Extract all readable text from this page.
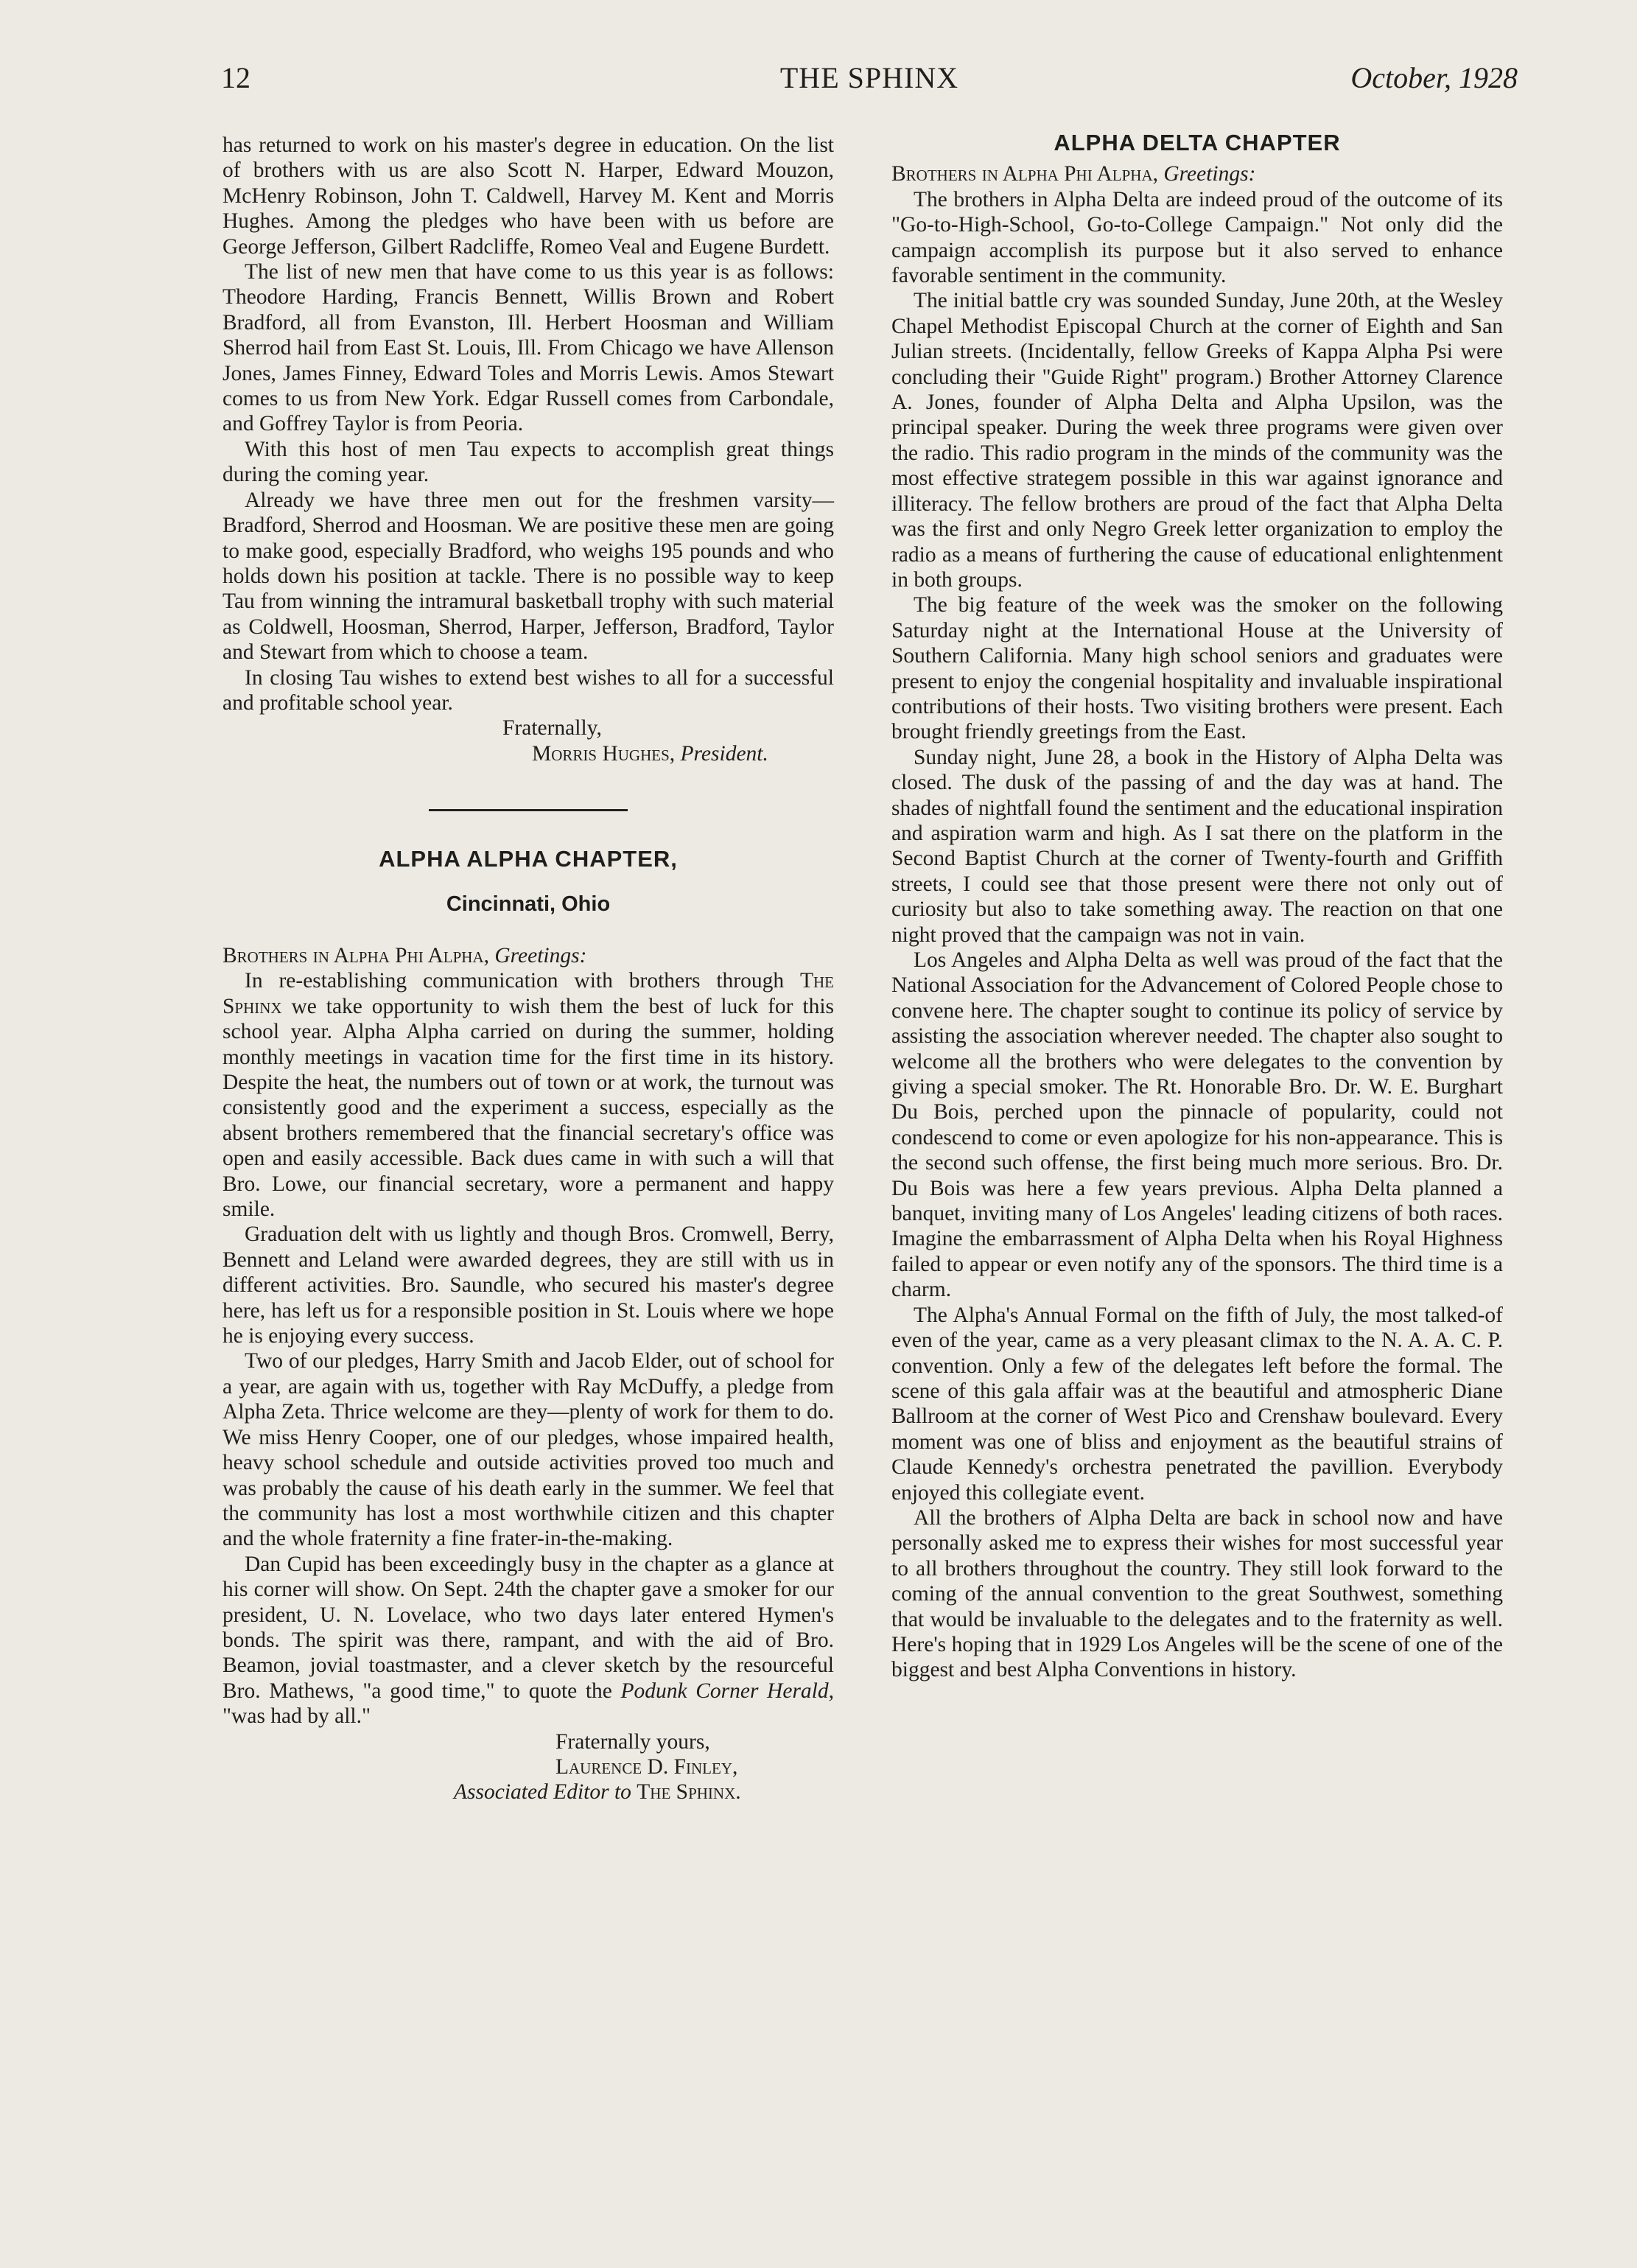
12	THE SPHINX	October, 1928

has returned to work on his master's degree in education. On the list of brothers with us are also Scott N. Harper, Edward Mouzon, McHenry Robinson, John T. Caldwell, Harvey M. Kent and Morris Hughes. Among the pledges who have been with us before are George Jefferson, Gilbert Radcliffe, Romeo Veal and Eugene Burdett.

The list of new men that have come to us this year is as follows: Theodore Harding, Francis Bennett, Willis Brown and Robert Bradford, all from Evanston, Ill. Herbert Hoosman and William Sherrod hail from East St. Louis, Ill. From Chicago we have Allenson Jones, James Finney, Edward Toles and Morris Lewis. Amos Stewart comes to us from New York. Edgar Russell comes from Carbondale, and Goffrey Taylor is from Peoria.

With this host of men Tau expects to accomplish great things during the coming year.

Already we have three men out for the freshmen varsity—Bradford, Sherrod and Hoosman. We are positive these men are going to make good, especially Bradford, who weighs 195 pounds and who holds down his position at tackle. There is no possible way to keep Tau from winning the intramural basketball trophy with such material as Coldwell, Hoosman, Sherrod, Harper, Jefferson, Bradford, Taylor and Stewart from which to choose a team.

In closing Tau wishes to extend best wishes to all for a successful and profitable school year.

Fraternally,

Morris Hughes, President.

ALPHA ALPHA CHAPTER,
Cincinnati, Ohio

Brothers in Alpha Phi Alpha, Greetings:

In re-establishing communication with brothers through The Sphinx we take opportunity to wish them the best of luck for this school year. Alpha Alpha carried on during the summer, holding monthly meetings in vacation time for the first time in its history. Despite the heat, the numbers out of town or at work, the turnout was consistently good and the experiment a success, especially as the absent brothers remembered that the financial secretary's office was open and easily accessible. Back dues came in with such a will that Bro. Lowe, our financial secretary, wore a permanent and happy smile.

Graduation delt with us lightly and though Bros. Cromwell, Berry, Bennett and Leland were awarded degrees, they are still with us in different activities. Bro. Saundle, who secured his master's degree here, has left us for a responsible position in St. Louis where we hope he is enjoying every success.

Two of our pledges, Harry Smith and Jacob Elder, out of school for a year, are again with us, together with Ray McDuffy, a pledge from Alpha Zeta. Thrice welcome are they—plenty of work for them to do. We miss Henry Cooper, one of our pledges, whose impaired health, heavy school schedule and outside activities proved too much and was probably the cause of his death early in the summer. We feel that the community has lost a most worthwhile citizen and this chapter and the whole fraternity a fine frater-in-the-making.

Dan Cupid has been exceedingly busy in the chapter as a glance at his corner will show. On Sept. 24th the chapter gave a smoker for our president, U. N. Lovelace, who two days later entered Hymen's bonds. The spirit was there, rampant, and with the aid of Bro. Beamon, jovial toastmaster, and a clever sketch by the resourceful Bro. Mathews, "a good time," to quote the Podunk Corner Herald, "was had by all."

Fraternally yours,

Laurence D. Finley,

Associated Editor to The Sphinx.

ALPHA DELTA CHAPTER

Brothers in Alpha Phi Alpha, Greetings:

The brothers in Alpha Delta are indeed proud of the outcome of its "Go-to-High-School, Go-to-College Campaign." Not only did the campaign accomplish its purpose but it also served to enhance favorable sentiment in the community.

The initial battle cry was sounded Sunday, June 20th, at the Wesley Chapel Methodist Episcopal Church at the corner of Eighth and San Julian streets. (Incidentally, fellow Greeks of Kappa Alpha Psi were concluding their "Guide Right" program.) Brother Attorney Clarence A. Jones, founder of Alpha Delta and Alpha Upsilon, was the principal speaker. During the week three programs were given over the radio. This radio program in the minds of the community was the most effective strategem possible in this war against ignorance and illiteracy. The fellow brothers are proud of the fact that Alpha Delta was the first and only Negro Greek letter organization to employ the radio as a means of furthering the cause of educational enlightenment in both groups.

The big feature of the week was the smoker on the following Saturday night at the International House at the University of Southern California. Many high school seniors and graduates were present to enjoy the congenial hospitality and invaluable inspirational contributions of their hosts. Two visiting brothers were present. Each brought friendly greetings from the East.

Sunday night, June 28, a book in the History of Alpha Delta was closed. The dusk of the passing of and the day was at hand. The shades of nightfall found the sentiment and the educational inspiration and aspiration warm and high. As I sat there on the platform in the Second Baptist Church at the corner of Twenty-fourth and Griffith streets, I could see that those present were there not only out of curiosity but also to take something away. The reaction on that one night proved that the campaign was not in vain.

Los Angeles and Alpha Delta as well was proud of the fact that the National Association for the Advancement of Colored People chose to convene here. The chapter sought to continue its policy of service by assisting the association wherever needed. The chapter also sought to welcome all the brothers who were delegates to the convention by giving a special smoker. The Rt. Honorable Bro. Dr. W. E. Burghart Du Bois, perched upon the pinnacle of popularity, could not condescend to come or even apologize for his non-appearance. This is the second such offense, the first being much more serious. Bro. Dr. Du Bois was here a few years previous. Alpha Delta planned a banquet, inviting many of Los Angeles' leading citizens of both races. Imagine the embarrassment of Alpha Delta when his Royal Highness failed to appear or even notify any of the sponsors. The third time is a charm.

The Alpha's Annual Formal on the fifth of July, the most talked-of even of the year, came as a very pleasant climax to the N. A. A. C. P. convention. Only a few of the delegates left before the formal. The scene of this gala affair was at the beautiful and atmospheric Diane Ballroom at the corner of West Pico and Crenshaw boulevard. Every moment was one of bliss and enjoyment as the beautiful strains of Claude Kennedy's orchestra penetrated the pavillion. Everybody enjoyed this collegiate event.

All the brothers of Alpha Delta are back in school now and have personally asked me to express their wishes for most successful year to all brothers throughout the country. They still look forward to the coming of the annual convention to the great Southwest, something that would be invaluable to the delegates and to the fraternity as well. Here's hoping that in 1929 Los Angeles will be the scene of one of the biggest and best Alpha Conventions in history.
